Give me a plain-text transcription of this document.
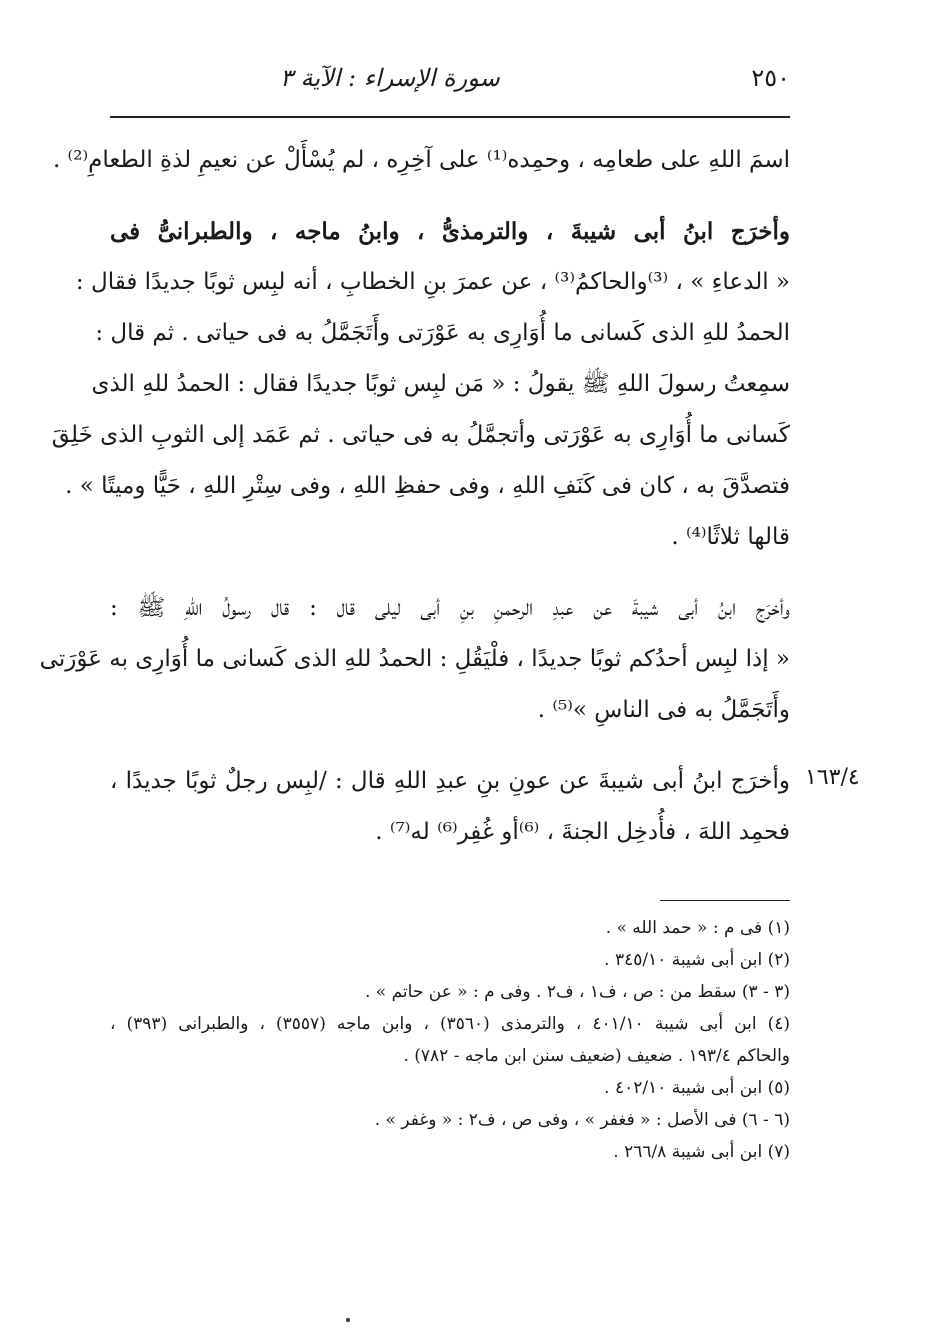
٢٥٠
سورة الإسراء : الآية ٣
اسمَ اللهِ على طعامِه ، وحمِده⁽¹⁾ على آخِرِه ، لم يُسْأَلْ عن نعيمِ لذةِ الطعامِ⁽²⁾ .
وأخرَج ابنُ أبى شيبةَ ، والترمذىُّ ، وابنُ ماجه ، والطبرانىُّ فى
« الدعاءِ » ، ⁽³⁾والحاكمُ⁽³⁾ ، عن عمرَ بنِ الخطابِ ، أنه لبِس ثوبًا جديدًا فقال :
الحمدُ للهِ الذى كَسانى ما أُوَارِى به عَوْرَتى وأَتَجَمَّلُ به فى حياتى . ثم قال :
سمِعتُ رسولَ اللهِ ﷺ يقولُ : « مَن لبِس ثوبًا جديدًا فقال : الحمدُ للهِ الذى
كَسانى ما أُوَارِى به عَوْرَتى وأتجمَّلُ به فى حياتى . ثم عَمَد إلى الثوبِ الذى خَلِقَ
فتصدَّقَ به ، كان فى كَنَفِ اللهِ ، وفى حفظِ اللهِ ، وفى سِتْرِ اللهِ ، حَيًّا وميتًا » .
قالها ثلاثًا⁽⁴⁾ .
وأخرَج ابنُ أبى شيبةَ عن عبدِ الرحمنِ بنِ أبى ليلى قال : قال رسولُ اللهِ ﷺ :
« إذا لبِس أحدُكم ثوبًا جديدًا ، فلْيَقُلِ : الحمدُ للهِ الذى كَسانى ما أُوَارِى به عَوْرَتى
وأَتَجَمَّلُ به فى الناسِ »⁽⁵⁾ .
وأخرَج ابنُ أبى شيبةَ عن عونِ بنِ عبدِ اللهِ قال : /لبِس رجلٌ ثوبًا جديدًا ،
فحمِد اللهَ ، فأُدخِل الجنةَ ، ⁽⁶⁾أو غُفِر⁽⁶⁾ له⁽⁷⁾ .
١٦٣/٤
(١) فى م : « حمد الله » .
(٢) ابن أبى شيبة ٣٤٥/١٠ .
(٣ - ٣) سقط من : ص ، ف١ ، ف٢ . وفى م : « عن حاتم » .
(٤) ابن أبى شيبة ٤٠١/١٠ ، والترمذى (٣٥٦٠) ، وابن ماجه (٣٥٥٧) ، والطبرانى (٣٩٣) ،
والحاكم ١٩٣/٤ . ضعيف (ضعيف سنن ابن ماجه - ٧٨٢) .
(٥) ابن أبى شيبة ٤٠٢/١٠ .
(٦ - ٦) فى الأصل : « فغفر » ، وفى ص ، ف٢ : « وغفر » .
(٧) ابن أبى شيبة ٢٦٦/٨ .
